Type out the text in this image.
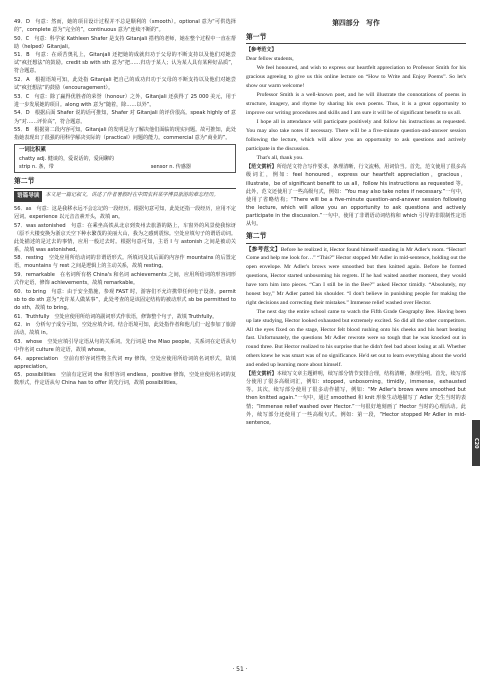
49．D　句意：然而，她的项目设计过程并不总是顺利的（smooth）。optional 意为“可供选择的”，complete 意为“完全的”，continuous 意为“连续不断的”。

50．C　句意：科学家 Kathleen Shafer 是支持 Gitanjali 搭档的老师，她在整个过程中一直在帮助（helped）Gitanjali。

51．B　句意：在顽苦奥礼上，Gitanjali 还把她的成就归功于父母的不断支持以及他们对她尝试“疯狂想法”的鼓励。credit sb with sth 意为“把……归功于某人；认为某人具有某种好品质”，符合题意。

52．A　根据语境可知，此处指 Gitanjali 把自己的成功归功于父母的不断支持以及他们对她尝试“疯狂想法”的鼓励（encouragement）。

53．C　句意：除了赢得优胜者的荣誉（honour）之外，Gitanjali 还获得了 25 000 美元，用于进一步发展她的项目。along with 意为“随着，除……以外”。

54．D　根据后面 Shafer 说的话可推知，Shafer 对 Gitanjali 的评价很高。speak highly of 意为“对……评价高”，符合题意。

55．B　根据第二段内容可知，Gitanjali 的发明是为了解决他们面临的现实问题。故可推知，此处指她表现出了很强的用科学解决实际的（practical）问题的能力。commercial 意为“商业的”。

一词比积累
chatty adj. 健谈的，爱说话的，爱闲聊的
strip n. 条，带	sensor n. 传感器
第二节
语篇导读	本文是一篇记叙文，讲述了作者暑假时在中国农科某字博县旅游的难忘经历。

56．as　句意：这是我移水远不会忘记的一段经历。根据句意可知，此处还指一段经历，应用不定冠词。experience 以元音音素开头，故填 an。

57．was astonished　句意：在乘坐高铁从北京到贵州去旅游的路上，车窗外的风景使我惊讶（原不大楼变换为浙京天空下种水繁茂的美丽大山，我为之感到震惊。空处应填句子的谓语动词。此处描述的是过去的事情，应用一般过去时。根据句意可知，主语 I 与 astonish 之间是被动关系，故填 was astonished。

58．resting　空处应用所给动词的非谓语形式。所填词及其后面的内容作 mountains 的后置定语，mountains 与 rest 之间是逻辑上的主动关系，故填 resting。

59．remarkable　在名词所有格 China's 和名词 achievements 之间，应用所给词的形容词形式作定语，修饰 achievements，故填 remarkable。

60．to bring　句意：由于安全措施，参观 FAST 时，游客们不允许携带任何电子设备。permit sb to do sth 意为“允许某人做某事”，此处考查的是该固定结构的被动形式 sb be permitted to do sth，故填 to bring。

61．Truthfully　空处应使用所给词的副词形式作状语，修饰整个句子，故填 Truthfully。

62．in　分析句子成分可知，空处应填介词。结合语境可知，此处指作者和他几们一起参加了旅游活动，故填 in。

63．whose　空处应填引导定语从句的关系词。先行词是 the Miao people，关系词在定语从句中作名词 culture 的定语，故填 whose。

64．appreciation　空前有形容词性物主代词 my 修饰，空处应使用所给词的名词形式，故填 appreciation。

65．possibilities　空前有定冠词 the 和形容词 endless，positive 修饰，空处应使用名词的复数形式，作定语从句 China has to offer 的先行词，故填 possibilities。

第四部分　写作
第一节
【参考范文】

Dear fellow students,

We feel honoured, and wish to express our heartfelt appreciation to Professor Smith for his gracious agreeing to give us this online lecture on “How to Write and Enjoy Poems”. So let's show our warm welcome!

Professor Smith is a well-known poet, and he will illustrate the connotations of poems in structure, imagery, and rhyme by sharing his own poems. Thus, it is a great opportunity to improve our writing procedures and skills and I am sure it will be of significant benefit to us all.

I hope all in attendance will participate positively and follow his instructions as requested. You may also take notes if necessary. There will be a five-minute question-and-answer session following the lecture, which will allow you an opportunity to ask questions and actively participate in the discussion.

That's all, thank you.

【范文赏析】所给范文符合写作要求，条理清晰，行文流畅，用词恰当。首先，范文使用了很多高级词汇，例如：feel honoured，express our heartfelt appreciation，gracious，illustrate，be of significant benefit to us all，follow his instructions as requested 等。此外，范文还使用了一些高级句式，例如：“You may also take notes if necessary.”一句中，使用了省略结构；“There will be a five-minute question-and-answer session following the lecture, which will allow you an opportunity to ask questions and actively participate in the discussion.”一句中，使用了非谓语动词结构和 which 引导的非限制性定语从句。

第二节

【参考范文】Before he realized it, Hector found himself standing in Mr Adler's room. “Hector! Come and help me look for…” “This?” Hector stopped Mr Adler in mid-sentence, holding out the open envelope. Mr Adler's brows were smoothed but then knitted again. Before he formed questions, Hector started unbosoming his regrets. If he had waited another moment, they would have torn him into pieces. “Can I still be in the Bee?” asked Hector timidly. “Absolutely, my honest boy,” Mr Adler patted his shoulder. “I don't believe in punishing people for making the right decisions and correcting their mistakes.” Immense relief washed over Hector.

The next day the entire school came to watch the Fifth Grade Geography Bee. Having been up late studying, Hector looked exhausted but extremely excited. So did all the other competitors. All the eyes fixed on the stage, Hector felt blood rushing onto his cheeks and his heart beating fast. Unfortunately, the questions Mr Adler rewrote were so tough that he was knocked out in round three. But Hector realized to his surprise that he didn't feel bad about losing at all. Whether others knew he was smart was of no significance. He'd set out to learn everything about the world and ended up learning more about himself.

【范文赏析】本续写文章主题鲜明，续写部分情节安排合理，结构清晰，条理分明。首先，续写部分使用了很多高级词汇，例如：stopped，unbosoming，timidly，immense，exhausted 等。其次，续写部分使用了很多动作描写，例如：“Mr Adler's brows were smoothed but then knitted again.”一句中，通过 smoothed 和 knit 形象生动地描写了 Adler 先生当时的表情；“Immense relief washed over Hector.”一句很好地刻画了 Hector 当时的心理活动。此外，续写部分还使用了一些高级句式。例如：第一段，“Hector stopped Mr Adler in mid-sentence,

C20
· 51 ·
